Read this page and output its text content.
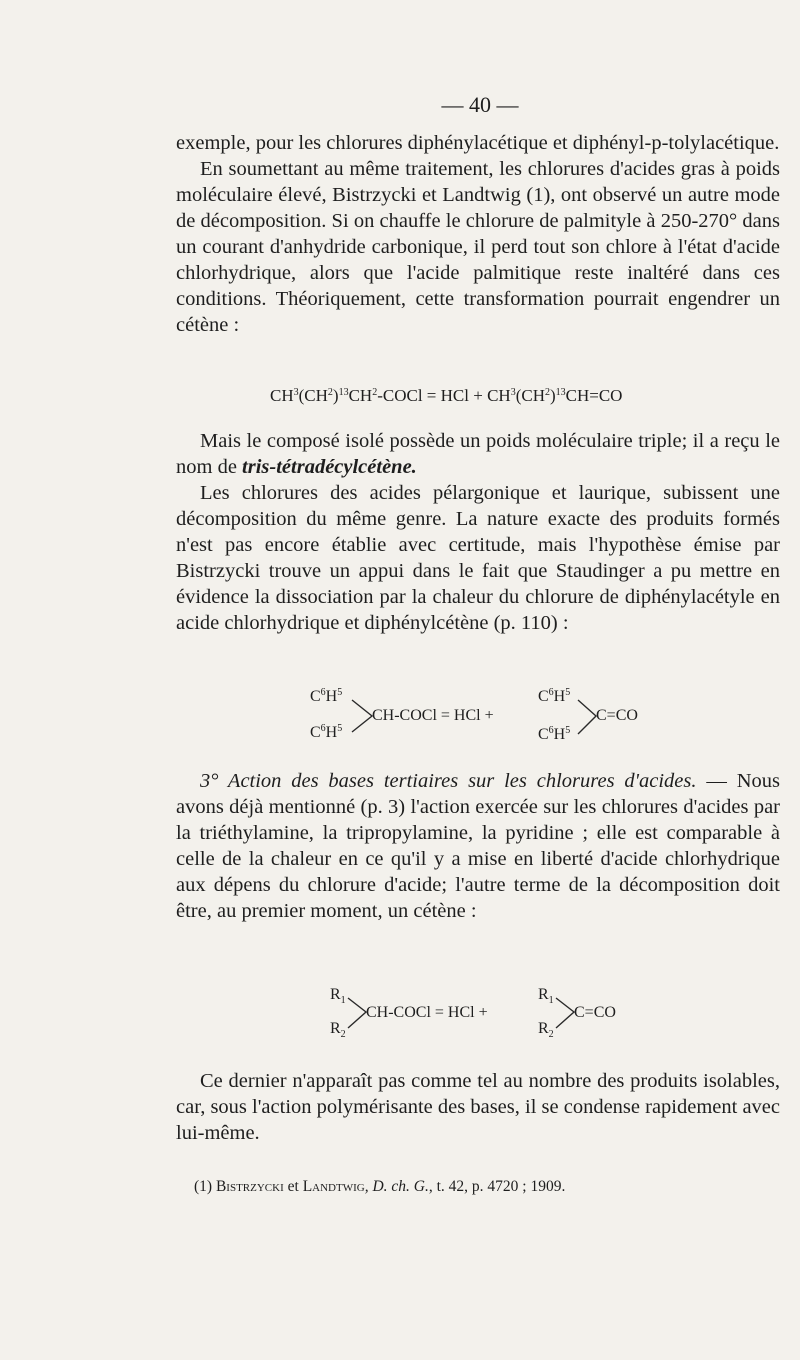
— 40 —

exemple, pour les chlorures diphénylacétique et diphényl-p-tolylacétique.

En soumettant au même traitement, les chlorures d'acides gras à poids moléculaire élevé, Bistrzycki et Landtwig (1), ont observé un autre mode de décomposition. Si on chauffe le chlorure de palmityle à 250-270° dans un courant d'anhydride carbonique, il perd tout son chlore à l'état d'acide chlorhydrique, alors que l'acide palmitique reste inaltéré dans ces conditions. Théoriquement, cette transformation pourrait engendrer un cétène :

$CH^3(CH^2)^{13}CH^2$-COCl = HCl + $CH^3(CH^2)^{13}CH=CO$

Mais le composé isolé possède un poids moléculaire triple; il a reçu le nom de tris-tétradécylcétène.

Les chlorures des acides pélargonique et laurique, subissent une décomposition du même genre. La nature exacte des produits formés n'est pas encore établie avec certitude, mais l'hypothèse émise par Bistrzycki trouve un appui dans le fait que Staudinger a pu mettre en évidence la dissociation par la chaleur du chlorure de diphénylacétyle en acide chlorhydrique et diphénylcétène (p. 110) :

$C^6H^5$
$C^6H^5$
CH-COCl = HCl +
$C^6H^5$
$C^6H^5$
C=CO

3° Action des bases tertiaires sur les chlorures d'acides. — Nous avons déjà mentionné (p. 3) l'action exercée sur les chlorures d'acides par la triéthylamine, la tripropylamine, la pyridine ; elle est comparable à celle de la chaleur en ce qu'il y a mise en liberté d'acide chlorhydrique aux dépens du chlorure d'acide; l'autre terme de la décomposition doit être, au premier moment, un cétène :

$R_1$
$R_2$
CH-COCl = HCl +
$R_1$
$R_2$
C=CO

Ce dernier n'apparaît pas comme tel au nombre des produits isolables, car, sous l'action polymérisante des bases, il se condense rapidement avec lui-même.

(1) Bistrzycki et Landtwig, D. ch. G., t. 42, p. 4720 ; 1909.
